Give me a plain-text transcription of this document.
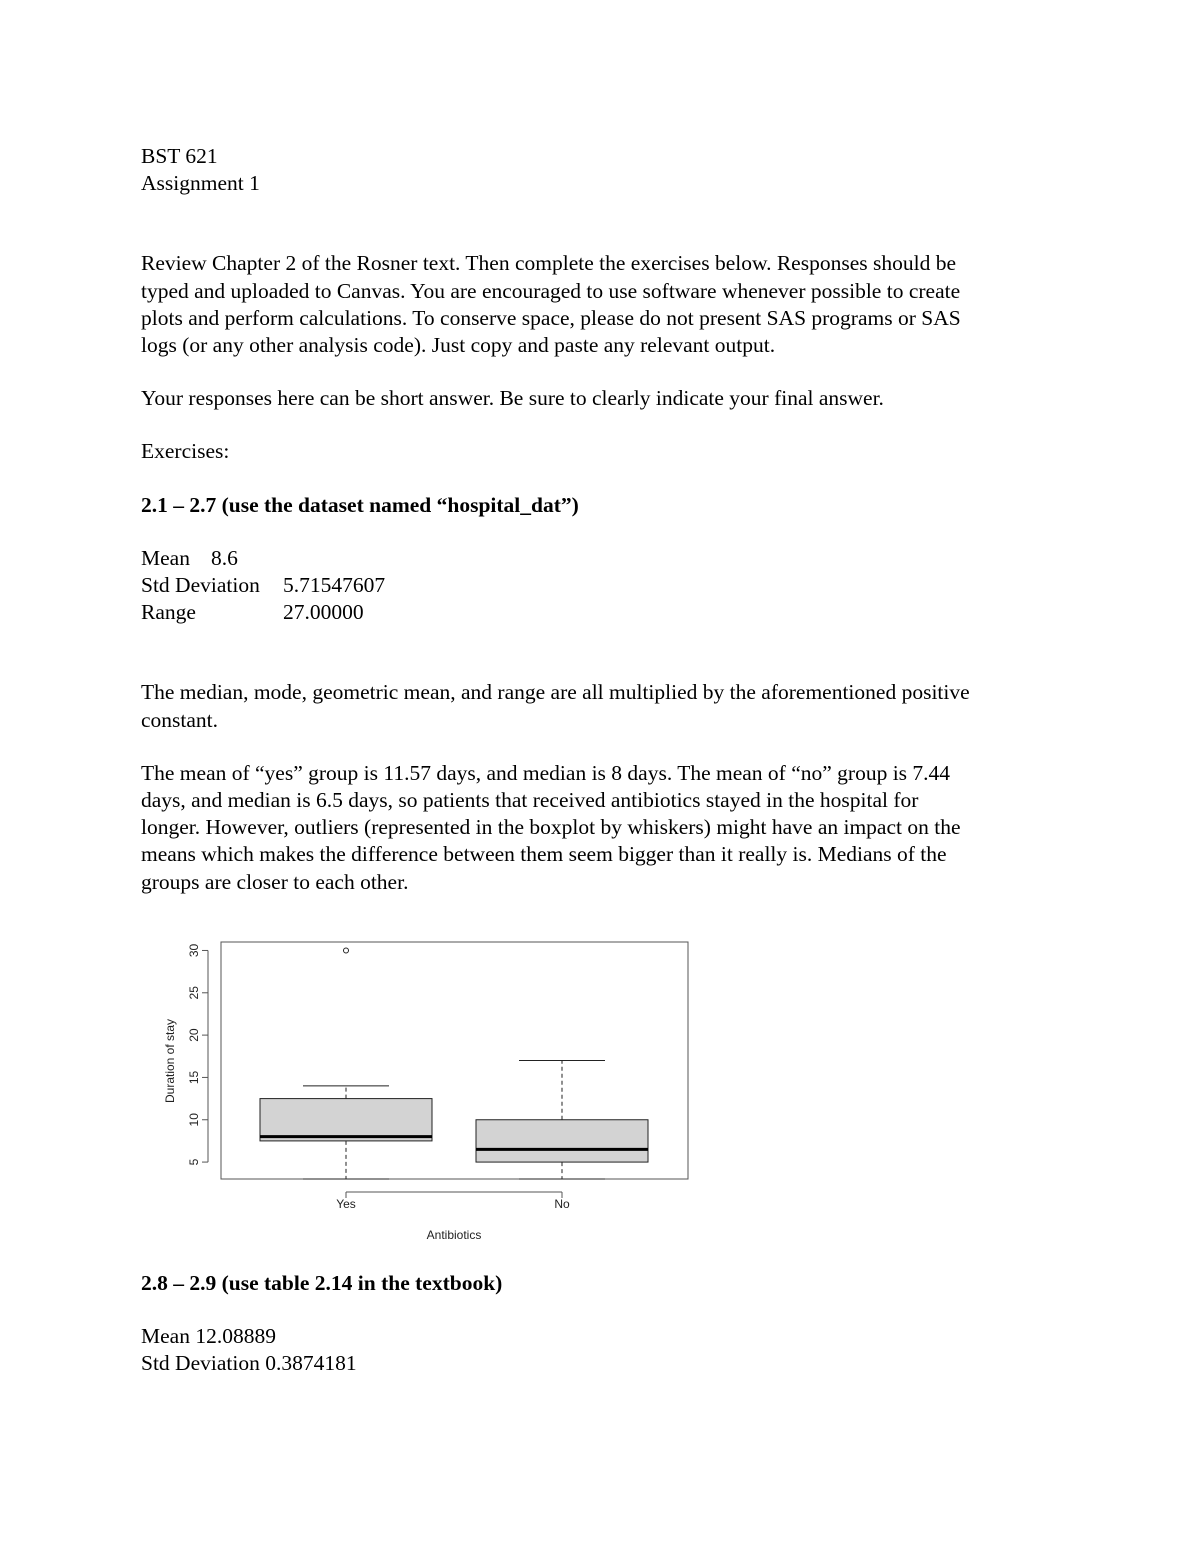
BST 621
Assignment 1
Review Chapter 2 of the Rosner text. Then complete the exercises below. Responses should be
typed and uploaded to Canvas. You are encouraged to use software whenever possible to create
plots and perform calculations. To conserve space, please do not present SAS programs or SAS
logs (or any other analysis code). Just copy and paste any relevant output.
Your responses here can be short answer. Be sure to clearly indicate your final answer.
Exercises:
2.1 – 2.7 (use the dataset named “hospital_dat”)
Mean 8.6
Std Deviation	5.71547607
Range	27.00000
The median, mode, geometric mean, and range are all multiplied by the aforementioned positive
constant.
The mean of “yes” group is 11.57 days, and median is 8 days. The mean of “no” group is 7.44
days, and median is 6.5 days, so patients that received antibiotics stayed in the hospital for
longer. However, outliers (represented in the boxplot by whiskers) might have an impact on the
means which makes the difference between them seem bigger than it really is. Medians of the
groups are closer to each other.
5
10
15
20
25
30
Yes	No
Antibiotics
Duration of stay
2.8 – 2.9 (use table 2.14 in the textbook)
Mean 12.08889
Std Deviation 0.3874181
